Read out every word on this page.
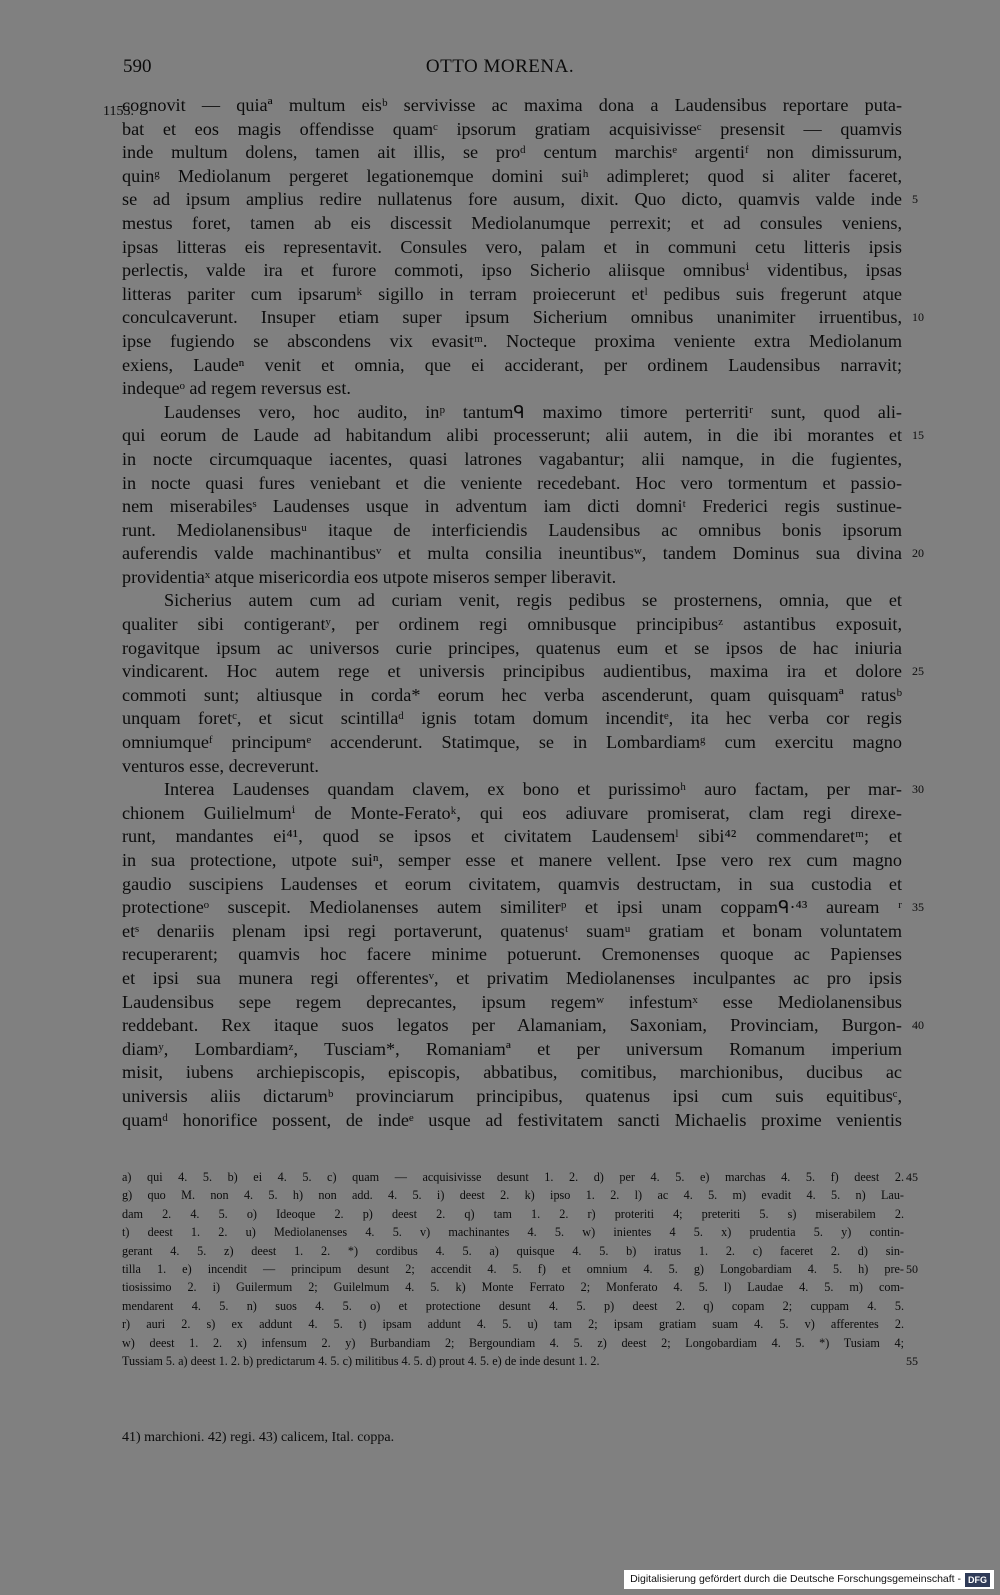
590	OTTO MORENA.
1153.
cognovit — quiaª multum eisᵇ servivisse ac maxima dona a Laudensibus reportare puta-
bat et eos magis offendisse quamᶜ ipsorum gratiam acquisivisseᶜ presensit — quamvis
inde multum dolens, tamen ait illis, se proᵈ centum marchisᵉ argentiᶠ non dimissurum,
quinᵍ Mediolanum pergeret legationemque domini suiʰ adimpleret; quod si aliter faceret,
se ad ipsum amplius redire nullatenus fore ausum, dixit. Quo dicto, quamvis valde inde 5
mestus foret, tamen ab eis discessit Mediolanumque perrexit; et ad consules veniens,
ipsas litteras eis representavit. Consules vero, palam et in communi cetu litteris ipsis
perlectis, valde ira et furore commoti, ipso Sicherio aliisque omnibusⁱ videntibus, ipsas
litteras pariter cum ipsarumᵏ sigillo in terram proiecerunt etˡ pedibus suis fregerunt atque
conculcaverunt. Insuper etiam super ipsum Sicherium omnibus unanimiter irruentibus, 10
ipse fugiendo se abscondens vix evasitᵐ. Nocteque proxima veniente extra Mediolanum
exiens, Laudeⁿ venit et omnia, que ei acciderant, per ordinem Laudensibus narravit;
indequeᵒ ad regem reversus est.
Laudenses vero, hoc audito, inᵖ tantumᑫ maximo timore perterritiʳ sunt, quod ali-
qui eorum de Laude ad habitandum alibi processerunt; alii autem, in die ibi morantes et 15
in nocte circumquaque iacentes, quasi latrones vagabantur; alii namque, in die fugientes,
in nocte quasi fures veniebant et die veniente recedebant. Hoc vero tormentum et passio-
nem miserabilesˢ Laudenses usque in adventum iam dicti domniᵗ Frederici regis sustinue-
runt. Mediolanensibusᵘ itaque de interficiendis Laudensibus ac omnibus bonis ipsorum
auferendis valde machinantibusᵛ et multa consilia ineuntibusʷ, tandem Dominus sua divina 20
providentiaˣ atque misericordia eos utpote miseros semper liberavit.
Sicherius autem cum ad curiam venit, regis pedibus se prosternens, omnia, que et
qualiter sibi contigerantʸ, per ordinem regi omnibusque principibusᶻ astantibus exposuit,
rogavitque ipsum ac universos curie principes, quatenus eum et se ipsos de hac iniuria
vindicarent. Hoc autem rege et universis principibus audientibus, maxima ira et dolore 25
commoti sunt; altiusque in corda* eorum hec verba ascenderunt, quam quisquamª ratusᵇ
unquam foretᶜ, et sicut scintillaᵈ ignis totam domum incenditᵉ, ita hec verba cor regis
omniumqueᶠ principumᵉ accenderunt. Statimque, se in Lombardiamᵍ cum exercitu magno
venturos esse, decreverunt.
Interea Laudenses quandam clavem, ex bono et purissimoʰ auro factam, per mar- 30
chionem Guilielmumⁱ de Monte-Feratoᵏ, qui eos adiuvare promiserat, clam regi direxe-
runt, mandantes ei⁴¹, quod se ipsos et civitatem Laudensemˡ sibi⁴² commendaretᵐ; et
in sua protectione, utpote suiⁿ, semper esse et manere vellent. Ipse vero rex cum magno
gaudio suscipiens Laudenses et eorum civitatem, quamvis destructam, in sua custodia et
protectioneᵒ suscepit. Mediolanenses autem similiterᵖ et ipsi unam coppamᑫ·⁴³ auream ʳ 35
etˢ denariis plenam ipsi regi portaverunt, quatenusᵗ suamᵘ gratiam et bonam voluntatem
recuperarent; quamvis hoc facere minime potuerunt. Cremonenses quoque ac Papienses
et ipsi sua munera regi offerentesᵛ, et privatim Mediolanenses inculpantes ac pro ipsis
Laudensibus sepe regem deprecantes, ipsum regemʷ infestumˣ esse Mediolanensibus
reddebant. Rex itaque suos legatos per Alamaniam, Saxoniam, Provinciam, Burgon- 40
diamʸ, Lombardiamᶻ, Tusciam*, Romaniamª et per universum Romanum imperium
misit, iubens archiepiscopis, episcopis, abbatibus, comitibus, marchionibus, ducibus ac
universis aliis dictarumᵇ provinciarum principibus, quatenus ipsi cum suis equitibusᶜ,
quamᵈ honorifice possent, de indeᵉ usque ad festivitatem sancti Michaelis proxime venientis
a) qui 4. 5. b) ei 4. 5. c) quam — acquisivisse desunt 1. 2. d) per 4. 5. e) marchas 4. 5. f) deest 2. 45
g) quo M. non 4. 5. h) non add. 4. 5. i) deest 2. k) ipso 1. 2. l) ac 4. 5. m) evadit 4. 5. n) Lau-
dam 2. 4. 5. o) Ideoque 2. p) deest 2. q) tam 1. 2. r) proteriti 4; preteriti 5. s) miserabilem 2.
t) deest 1. 2. u) Mediolanenses 4. 5. v) machinantes 4. 5. w) inientes 4 5. x) prudentia 5. y) contin-
gerant 4. 5. z) deest 1. 2. *) cordibus 4. 5. a) quisque 4. 5. b) iratus 1. 2. c) faceret 2. d) sin-
tilla 1. e) incendit — principum desunt 2; accendit 4. 5. f) et omnium 4. 5. g) Longobardiam 4. 5. h) pre- 50
tiosissimo 2. i) Guilermum 2; Guilelmum 4. 5. k) Monte Ferrato 2; Monferato 4. 5. l) Laudae 4. 5. m) com-
mendarent 4. 5. n) suos 4. 5. o) et protectione desunt 4. 5. p) deest 2. q) copam 2; cuppam 4. 5.
r) auri 2. s) ex addunt 4. 5. t) ipsam addunt 4. 5. u) tam 2; ipsam gratiam suam 4. 5. v) afferentes 2.
w) deest 1. 2. x) infensum 2. y) Burbandiam 2; Bergoundiam 4. 5. z) deest 2; Longobardiam 4. 5. *) Tusiam 4;
Tussiam 5. a) deest 1. 2. b) predictarum 4. 5. c) militibus 4. 5. d) prout 4. 5. e) de inde desunt 1. 2.	55
41) marchioni. 42) regi. 43) calicem, Ital. coppa.
Digitalisierung gefördert durch die Deutsche Forschungsgemeinschaft - DFG
